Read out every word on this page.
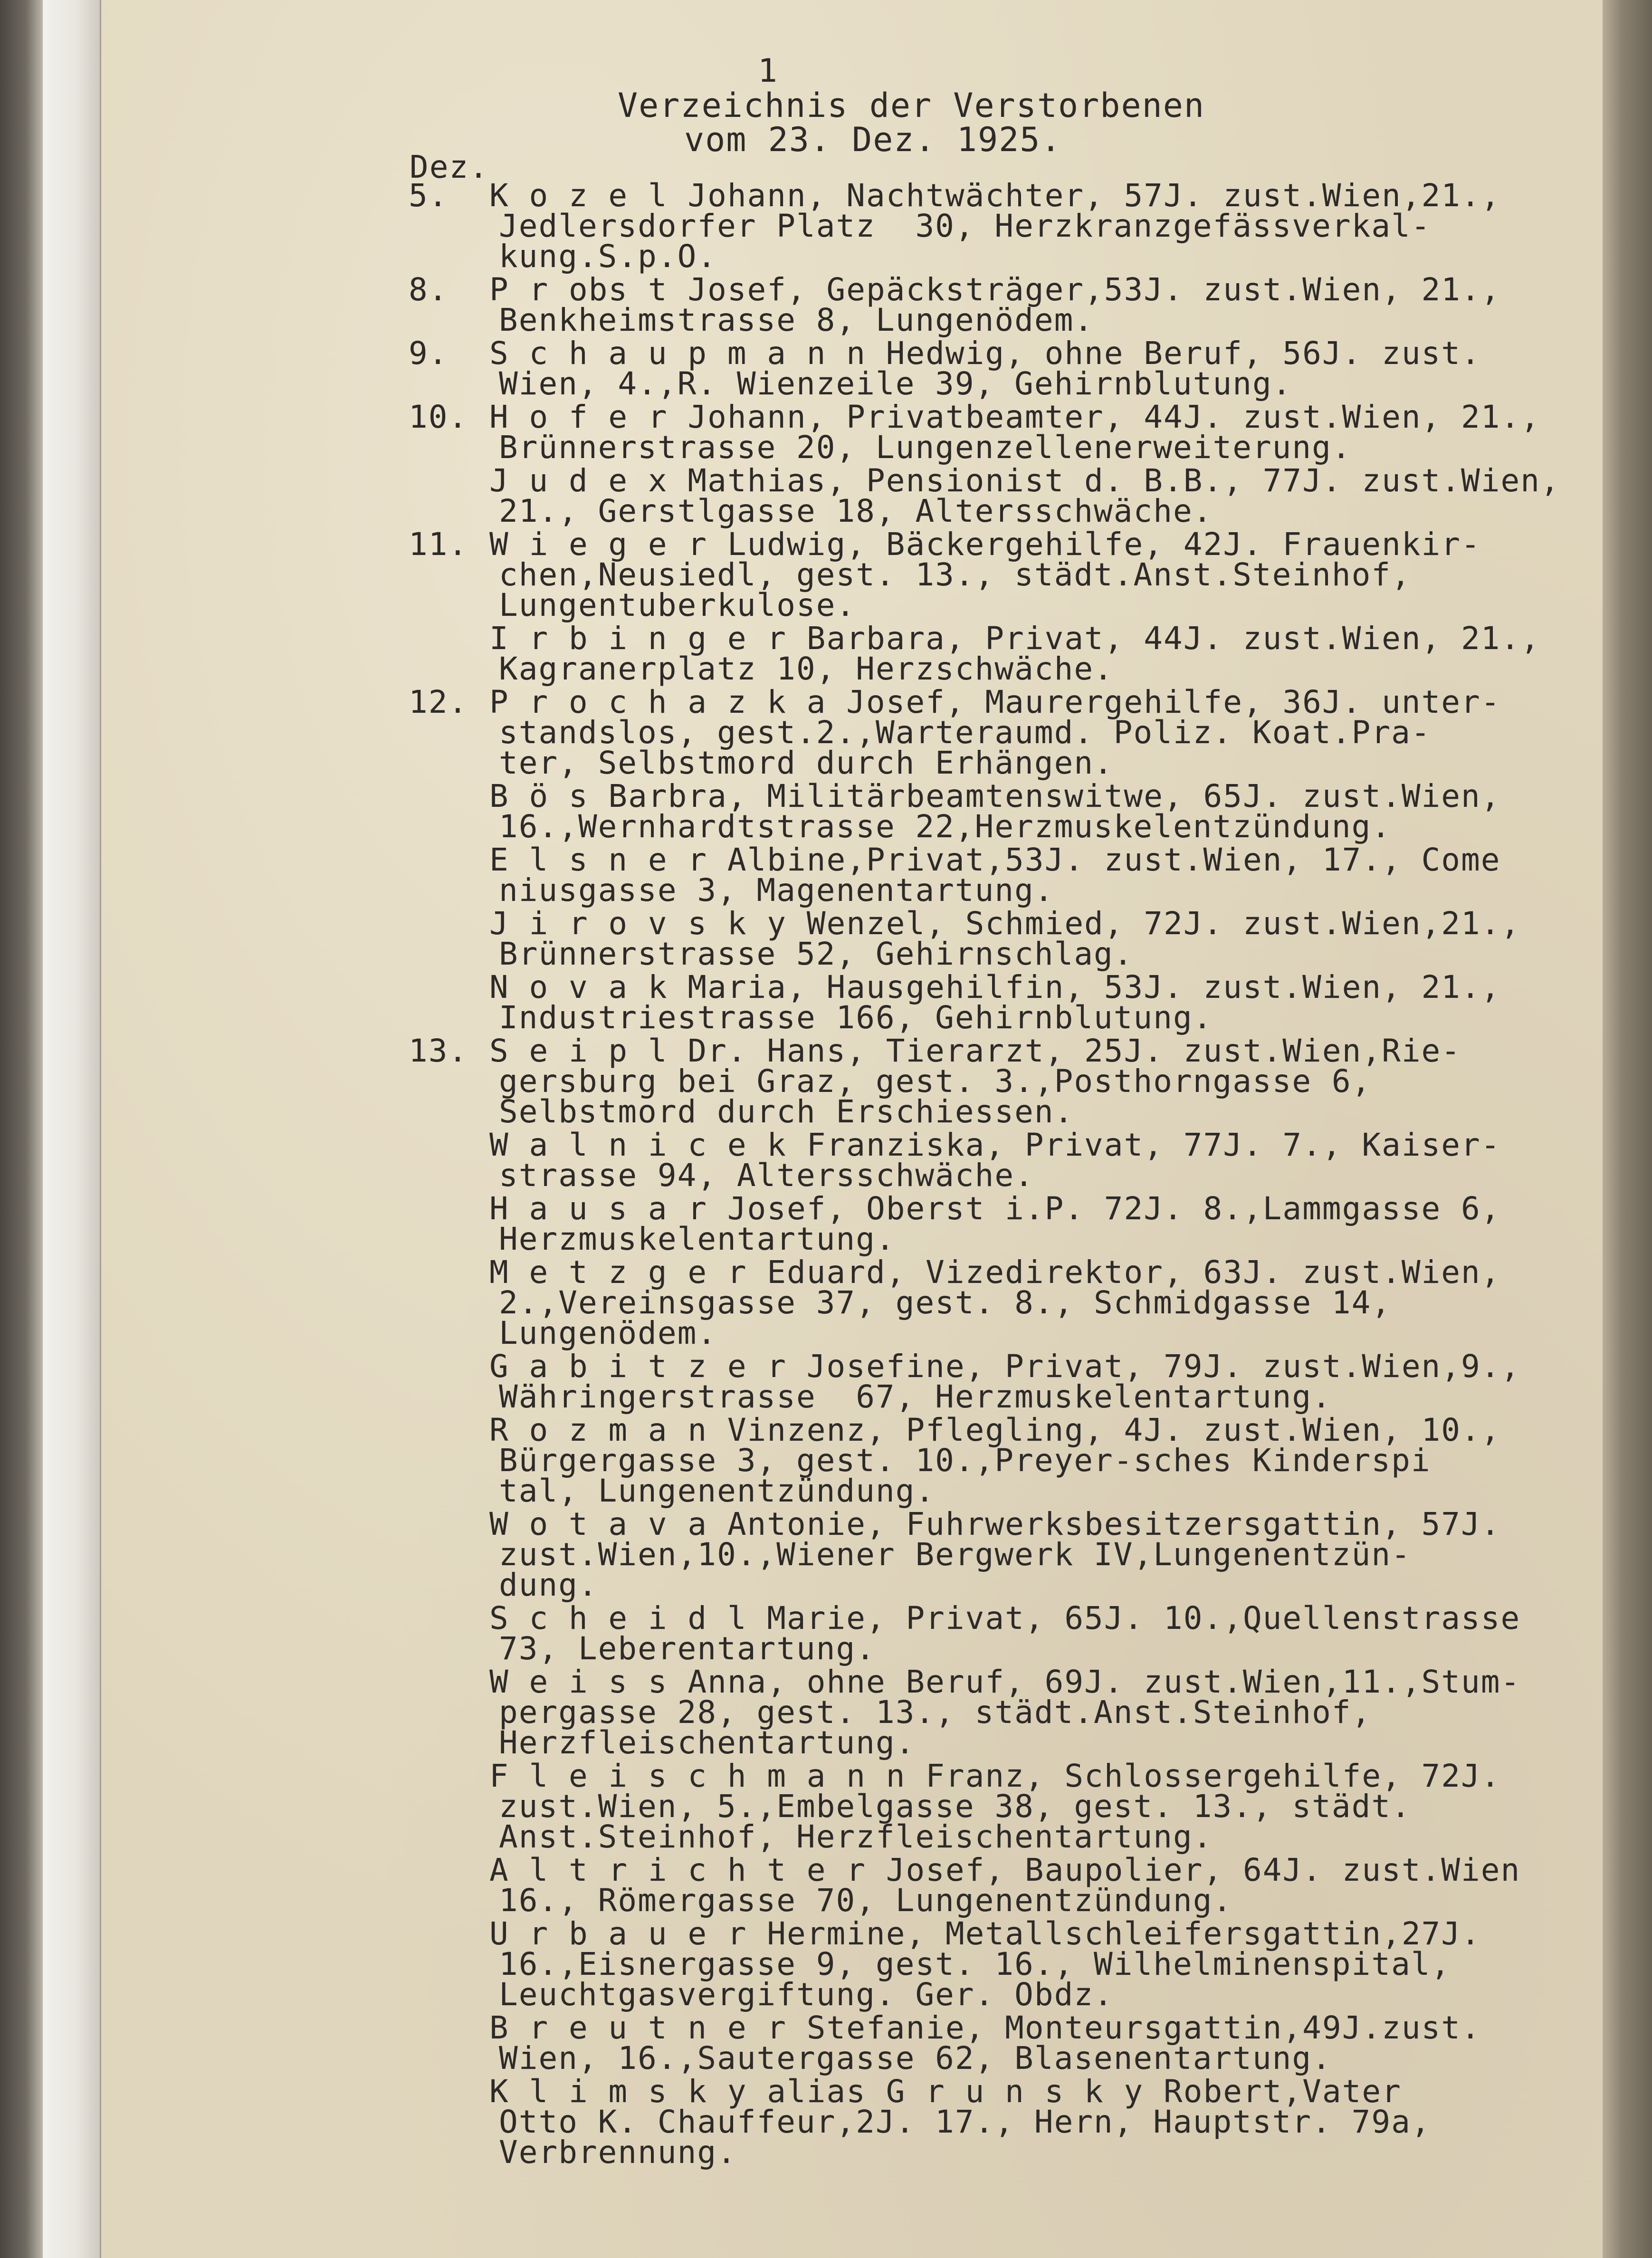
1
Verzeichnis der Verstorbenen
vom 23. Dez. 1925.
Dez.
5. K o z e l Johann, Nachtwächter, 57J. zust.Wien,21.,
Jedlersdorfer Platz  30, Herzkranzgefässverkal-
kung.S.p.O.
8. P r obs t Josef, Gepäcksträger,53J. zust.Wien, 21.,
Benkheimstrasse 8, Lungenödem.
9. S c h a u p m a n n Hedwig, ohne Beruf, 56J. zust.
Wien, 4.,R. Wienzeile 39, Gehirnblutung.
10. H o f e r Johann, Privatbeamter, 44J. zust.Wien, 21.,
Brünnerstrasse 20, Lungenzellenerweiterung.
J u d e x Mathias, Pensionist d. B.B., 77J. zust.Wien,
21., Gerstlgasse 18, Altersschwäche.
11. W i e g e r Ludwig, Bäckergehilfe, 42J. Frauenkir-
chen,Neusiedl, gest. 13., städt.Anst.Steinhof,
Lungentuberkulose.
I r b i n g e r Barbara, Privat, 44J. zust.Wien, 21.,
Kagranerplatz 10, Herzschwäche.
12. P r o c h a z k a Josef, Maurergehilfe, 36J. unter-
standslos, gest.2.,Warteraumd. Poliz. Koat.Pra-
ter, Selbstmord durch Erhängen.
B ö s Barbra, Militärbeamtenswitwe, 65J. zust.Wien,
16.,Wernhardtstrasse 22,Herzmuskelentzündung.
E l s n e r Albine,Privat,53J. zust.Wien, 17., Come
niusgasse 3, Magenentartung.
J i r o v s k y Wenzel, Schmied, 72J. zust.Wien,21.,
Brünnerstrasse 52, Gehirnschlag.
N o v a k Maria, Hausgehilfin, 53J. zust.Wien, 21.,
Industriestrasse 166, Gehirnblutung.
13. S e i p l Dr. Hans, Tierarzt, 25J. zust.Wien,Rie-
gersburg bei Graz, gest. 3.,Posthorngasse 6,
Selbstmord durch Erschiessen.
W a l n i c e k Franziska, Privat, 77J. 7., Kaiser-
strasse 94, Altersschwäche.
H a u s a r Josef, Oberst i.P. 72J. 8.,Lammgasse 6,
Herzmuskelentartung.
M e t z g e r Eduard, Vizedirektor, 63J. zust.Wien,
2.,Vereinsgasse 37, gest. 8., Schmidgasse 14,
Lungenödem.
G a b i t z e r Josefine, Privat, 79J. zust.Wien,9.,
Währingerstrasse  67, Herzmuskelentartung.
R o z m a n Vinzenz, Pflegling, 4J. zust.Wien, 10.,
Bürgergasse 3, gest. 10.,Preyer-sches Kinderspi
tal, Lungenentzündung.
W o t a v a Antonie, Fuhrwerksbesitzersgattin, 57J.
zust.Wien,10.,Wiener Bergwerk IV,Lungenentzün-
dung.
S c h e i d l Marie, Privat, 65J. 10.,Quellenstrasse
73, Leberentartung.
W e i s s Anna, ohne Beruf, 69J. zust.Wien,11.,Stum-
pergasse 28, gest. 13., städt.Anst.Steinhof,
Herzfleischentartung.
F l e i s c h m a n n Franz, Schlossergehilfe, 72J.
zust.Wien, 5.,Embelgasse 38, gest. 13., städt.
Anst.Steinhof, Herzfleischentartung.
A l t r i c h t e r Josef, Baupolier, 64J. zust.Wien
16., Römergasse 70, Lungenentzündung.
U r b a u e r Hermine, Metallschleifersgattin,27J.
16.,Eisnergasse 9, gest. 16., Wilhelminenspital,
Leuchtgasvergiftung. Ger. Obdz.
B r e u t n e r Stefanie, Monteursgattin,49J.zust.
Wien, 16.,Sautergasse 62, Blasenentartung.
K l i m s k y alias G r u n s k y Robert,Vater
Otto K. Chauffeur,2J. 17., Hern, Hauptstr. 79a,
Verbrennung.
